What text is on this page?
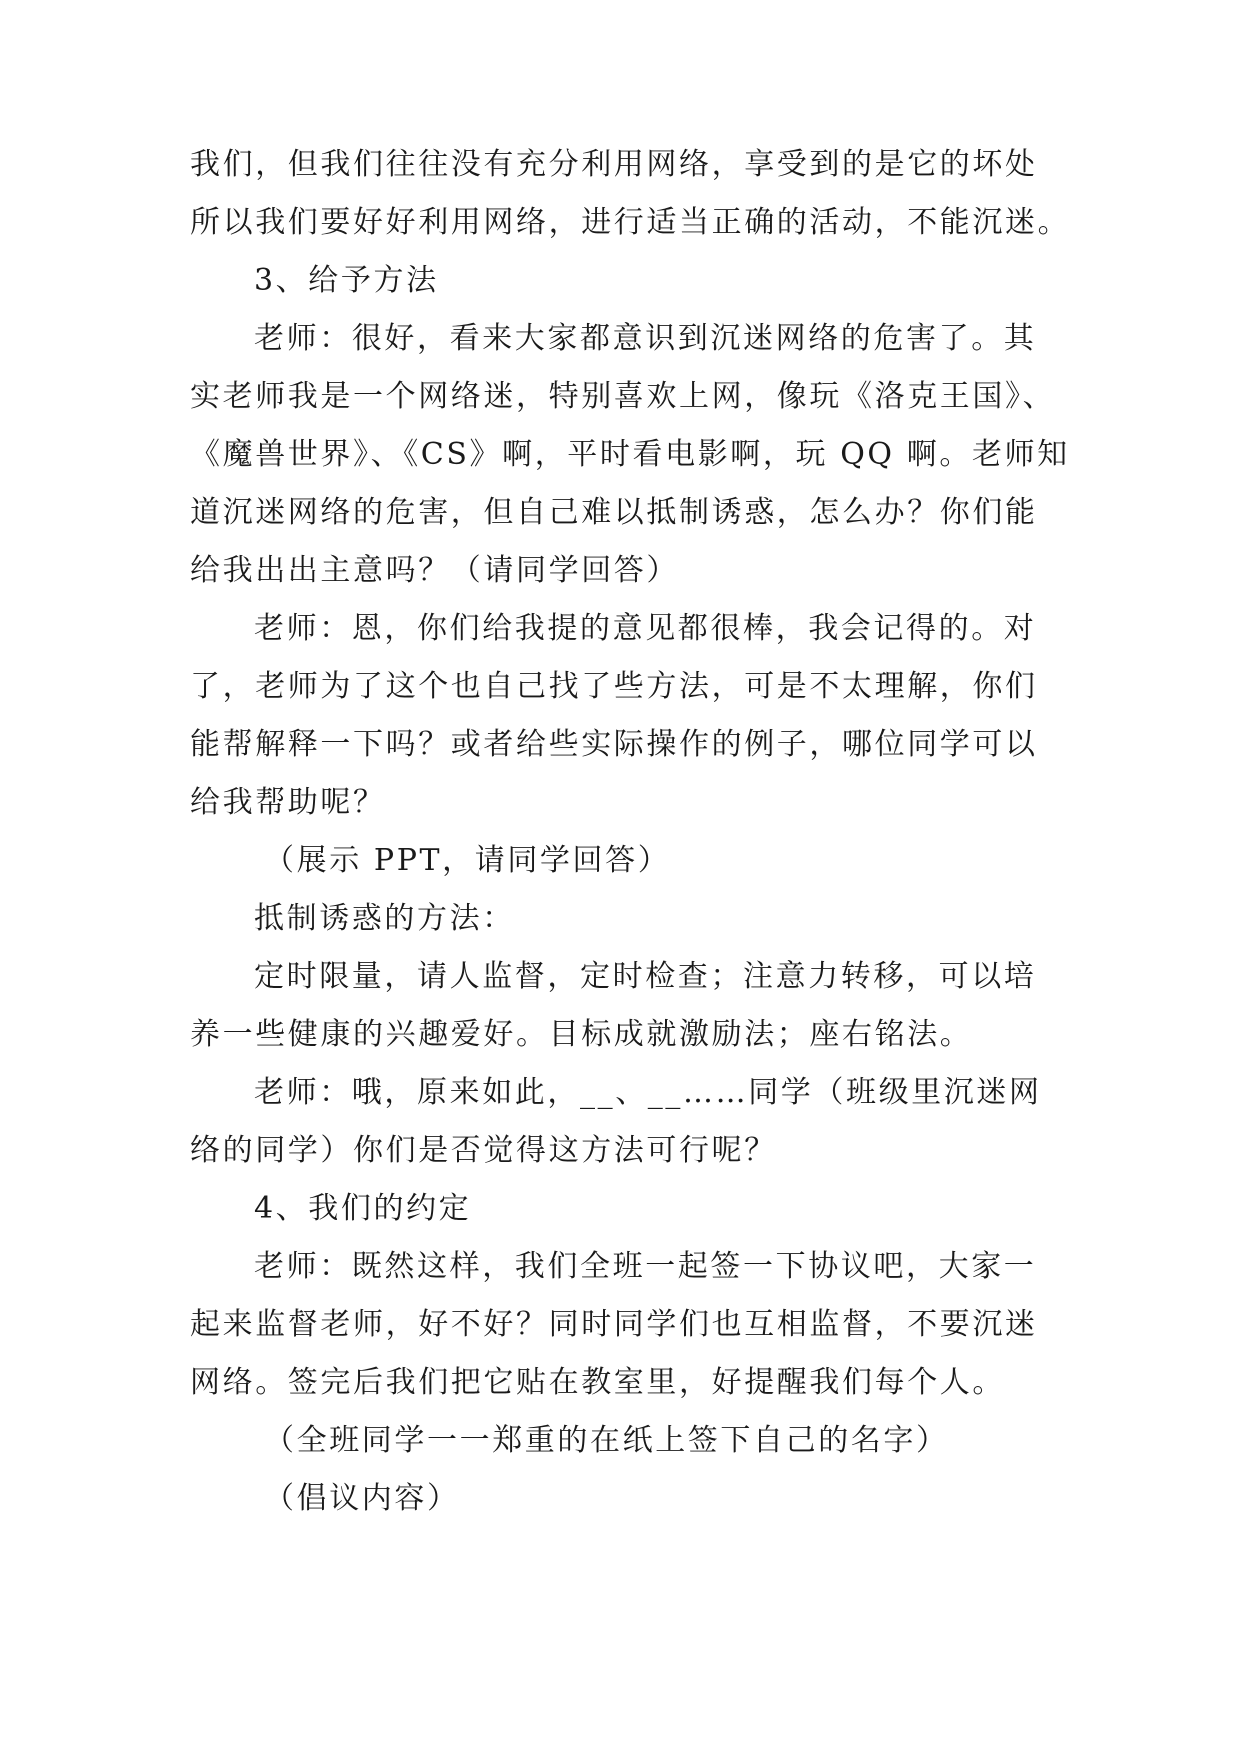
我们，但我们往往没有充分利用网络，享受到的是它的坏处
所以我们要好好利用网络，进行适当正确的活动，不能沉迷。
3、给予方法
老师：很好，看来大家都意识到沉迷网络的危害了。其
实老师我是一个网络迷，特别喜欢上网，像玩《洛克王国》、
《魔兽世界》、《CS》啊，平时看电影啊，玩 QQ 啊。老师知
道沉迷网络的危害，但自己难以抵制诱惑，怎么办？你们能
给我出出主意吗？（请同学回答）
老师：恩，你们给我提的意见都很棒，我会记得的。对
了，老师为了这个也自己找了些方法，可是不太理解，你们
能帮解释一下吗？或者给些实际操作的例子，哪位同学可以
给我帮助呢？
（展示 PPT，请同学回答）
抵制诱惑的方法：
定时限量，请人监督，定时检查；注意力转移，可以培
养一些健康的兴趣爱好。目标成就激励法；座右铭法。
老师：哦，原来如此，__、__……同学（班级里沉迷网
络的同学）你们是否觉得这方法可行呢？
4、我们的约定
老师：既然这样，我们全班一起签一下协议吧，大家一
起来监督老师，好不好？同时同学们也互相监督，不要沉迷
网络。签完后我们把它贴在教室里，好提醒我们每个人。
（全班同学一一郑重的在纸上签下自己的名字）
（倡议内容）
